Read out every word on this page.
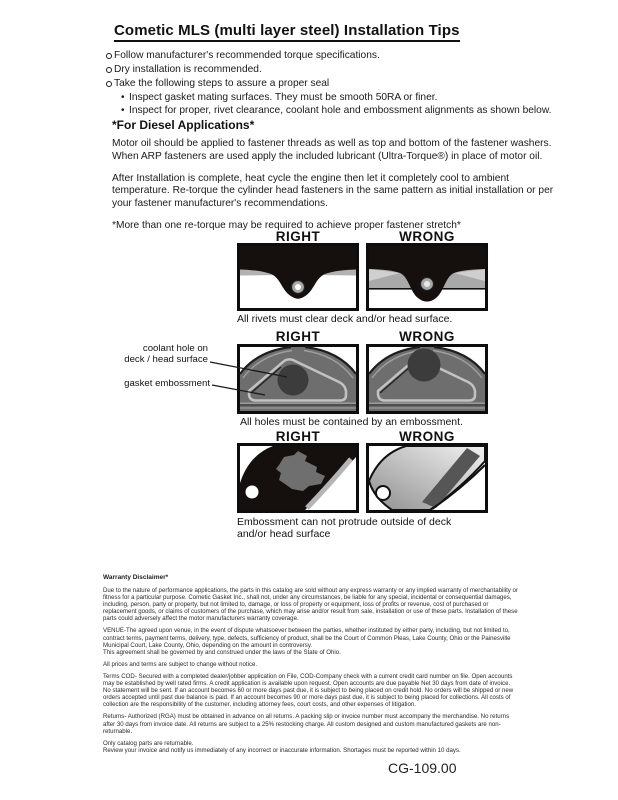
Cometic MLS (multi layer steel) Installation Tips
Follow manufacturer's recommended torque specifications.
Dry installation is recommended.
Take the following steps to assure a proper seal
• Inspect gasket mating surfaces. They must be smooth 50RA or finer.
• Inspect for proper, rivet clearance, coolant hole and embossment alignments as shown below.
*For Diesel Applications*

Motor oil should be applied to fastener threads as well as top and bottom of the fastener washers. When ARP fasteners are used apply the included lubricant (Ultra-Torque®) in place of motor oil.

After Installation is complete, heat cycle the engine then let it completely cool to ambient temperature. Re-torque the cylinder head fasteners in the same pattern as initial installation or per your fastener manufacturer's recommendations.

*More than one re-torque may be required to achieve proper fastener stretch*

RIGHT	WRONG
All rivets must clear deck and/or head surface.
RIGHT	WRONG
coolant hole on
deck / head surface
gasket embossment
All holes must be contained by an embossment.
RIGHT	WRONG
Embossment can not protrude outside of deck and/or head surface
Warranty Disclaimer*

Due to the nature of performance applications, the parts in this catalog are sold without any express warranty or any implied warranty of merchantability or fitness for a particular purpose. Cometic Gasket Inc., shall not, under any circumstances, be liable for any special, incidental or consequential damages, including, person, party or property, but not limited to, damage, or loss of property or equipment, loss of profits or revenue, cost of purchased or replacement goods, or claims of customers of the purchase, which may arise and/or result from sale, installation or use of these parts. Installation of these parts could adversely affect the motor manufacturers warranty coverage.

VENUE-The agreed upon venue, in the event of dispute whatsoever between the parties, whether instituted by either party, including, but not limited to, contract terms, payment terms, delivery, type, defects, sufficiency of product, shall be the Court of Common Pleas, Lake County, Ohio or the Painesville Municipal Court, Lake County, Ohio, depending on the amount in controversy.

This agreement shall be governed by and construed under the laws of the State of Ohio.

All prices and terms are subject to change without notice.

Terms COD- Secured with a completed dealer/jobber application on File, COD-Company check with a current credit card number on file. Open accounts may be established by well rated firms. A credit application is available upon request. Open accounts are due payable Net 30 days from date of invoice. No statement will be sent. If an account becomes 60 or more days past due, it is subject to being placed on credit hold. No orders will be shipped or new orders accepted until past due balance is paid. If an account becomes 90 or more days past due, it is subject to being placed for collections. All costs of collection are the responsibility of the customer, including attorney fees, court costs, and other expenses of litigation.

Returns- Authorized (RGA) must be obtained in advance on all returns. A packing slip or invoice number must accompany the merchandise. No returns after 30 days from invoice date. All returns are subject to a 25% restocking charge. All custom designed and custom manufactured gaskets are non-returnable.

Only catalog parts are returnable.

Review your invoice and notify us immediately of any incorrect or inaccurate information. Shortages must be reported within 10 days.

CG-109.00
